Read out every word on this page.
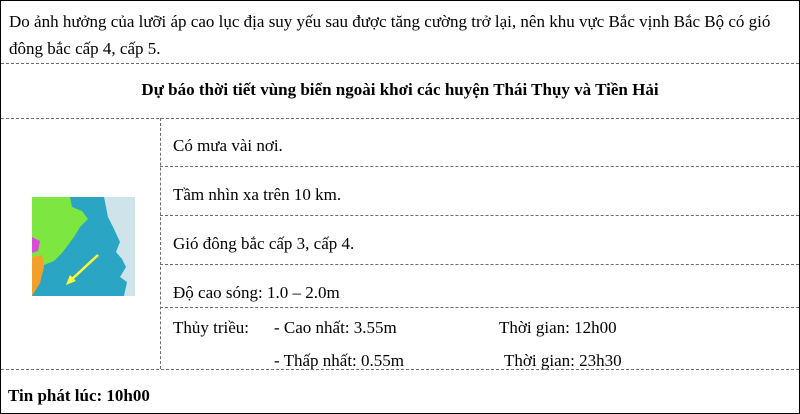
Do ảnh hưởng của lưỡi áp cao lục địa suy yếu sau được tăng cường trở lại, nên khu vực Bắc vịnh Bắc Bộ có gió đông bắc cấp 4, cấp 5.
Dự báo thời tiết vùng biển ngoài khơi các huyện Thái Thụy và Tiền Hải
Có mưa vài nơi.
Tầm nhìn xa trên 10 km.
Gió đông bắc cấp 3, cấp 4.
Độ cao sóng: 1.0 – 2.0m
Thủy triều: - Cao nhất: 3.55m	Thời gian: 12h00
- Thấp nhất: 0.55m	Thời gian: 23h30
Tin phát lúc: 10h00
